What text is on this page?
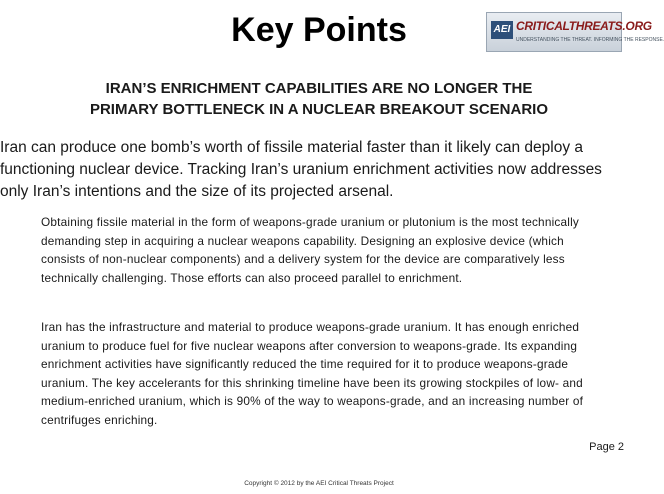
Key Points	AEI CRITICALTHREATS.ORG
UNDERSTANDING THE THREAT. INFORMING THE RESPONSE.
IRAN’S ENRICHMENT CAPABILITIES ARE NO LONGER THE
PRIMARY BOTTLENECK IN A NUCLEAR BREAKOUT SCENARIO
Iran can produce one bomb’s worth of fissile material faster than it likely can deploy a functioning nuclear device. Tracking Iran’s uranium enrichment activities now addresses only Iran’s intentions and the size of its projected arsenal.
Obtaining fissile material in the form of weapons-grade uranium or plutonium is the most technically demanding step in acquiring a nuclear weapons capability. Designing an explosive device (which consists of non-nuclear components) and a delivery system for the device are comparatively less technically challenging. Those efforts can also proceed parallel to enrichment.
Iran has the infrastructure and material to produce weapons-grade uranium. It has enough enriched uranium to produce fuel for five nuclear weapons after conversion to weapons-grade. Its expanding enrichment activities have significantly reduced the time required for it to produce weapons-grade uranium. The key accelerants for this shrinking timeline have been its growing stockpiles of low- and medium-enriched uranium, which is 90% of the way to weapons-grade, and an increasing number of centrifuges enriching.
Page 2
Copyright © 2012 by the AEI Critical Threats Project
